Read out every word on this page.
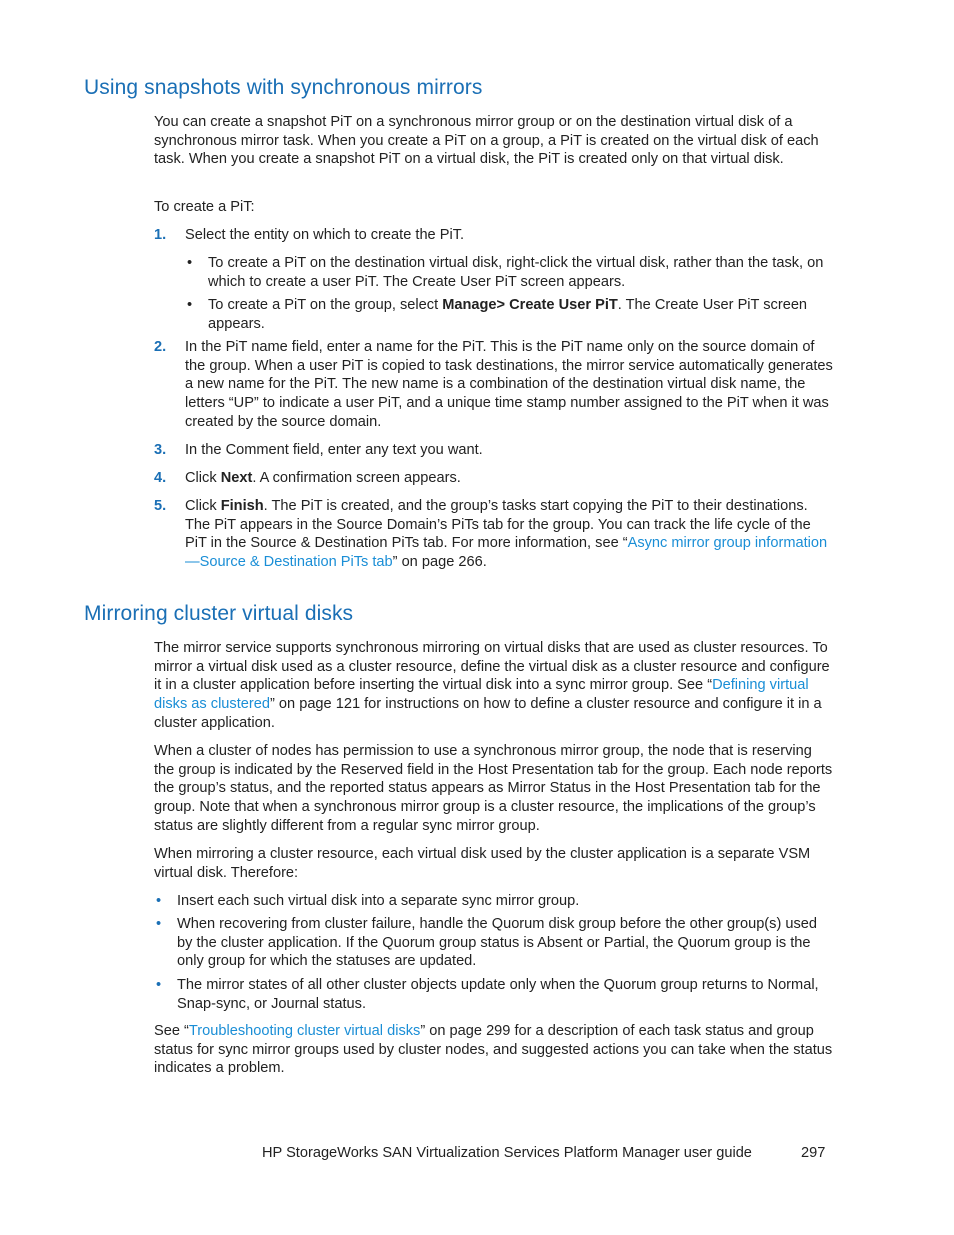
Using snapshots with synchronous mirrors

You can create a snapshot PiT on a synchronous mirror group or on the destination virtual disk of a synchronous mirror task. When you create a PiT on a group, a PiT is created on the virtual disk of each task. When you create a snapshot PiT on a virtual disk, the PiT is created only on that virtual disk.

To create a PiT:

1. Select the entity on which to create the PiT.

• To create a PiT on the destination virtual disk, right-click the virtual disk, rather than the task, on which to create a user PiT. The Create User PiT screen appears.

• To create a PiT on the group, select Manage> Create User PiT. The Create User PiT screen appears.

2. In the PiT name field, enter a name for the PiT. This is the PiT name only on the source domain of the group. When a user PiT is copied to task destinations, the mirror service automatically generates a new name for the PiT. The new name is a combination of the destination virtual disk name, the letters “UP” to indicate a user PiT, and a unique time stamp number assigned to the PiT when it was created by the source domain.

3. In the Comment field, enter any text you want.

4. Click Next. A confirmation screen appears.

5. Click Finish. The PiT is created, and the group’s tasks start copying the PiT to their destinations. The PiT appears in the Source Domain’s PiTs tab for the group. You can track the life cycle of the PiT in the Source & Destination PiTs tab. For more information, see “Async mirror group information—Source & Destination PiTs tab” on page 266.

Mirroring cluster virtual disks

The mirror service supports synchronous mirroring on virtual disks that are used as cluster resources. To mirror a virtual disk used as a cluster resource, define the virtual disk as a cluster resource and configure it in a cluster application before inserting the virtual disk into a sync mirror group. See “Defining virtual disks as clustered” on page 121 for instructions on how to define a cluster resource and configure it in a cluster application.

When a cluster of nodes has permission to use a synchronous mirror group, the node that is reserving the group is indicated by the Reserved field in the Host Presentation tab for the group. Each node reports the group’s status, and the reported status appears as Mirror Status in the Host Presentation tab for the group. Note that when a synchronous mirror group is a cluster resource, the implications of the group’s status are slightly different from a regular sync mirror group.

When mirroring a cluster resource, each virtual disk used by the cluster application is a separate VSM virtual disk. Therefore:

• Insert each such virtual disk into a separate sync mirror group.

• When recovering from cluster failure, handle the Quorum disk group before the other group(s) used by the cluster application. If the Quorum group status is Absent or Partial, the Quorum group is the only group for which the statuses are updated.

• The mirror states of all other cluster objects update only when the Quorum group returns to Normal, Snap-sync, or Journal status.

See “Troubleshooting cluster virtual disks” on page 299 for a description of each task status and group status for sync mirror groups used by cluster nodes, and suggested actions you can take when the status indicates a problem.

HP StorageWorks SAN Virtualization Services Platform Manager user guide	297
